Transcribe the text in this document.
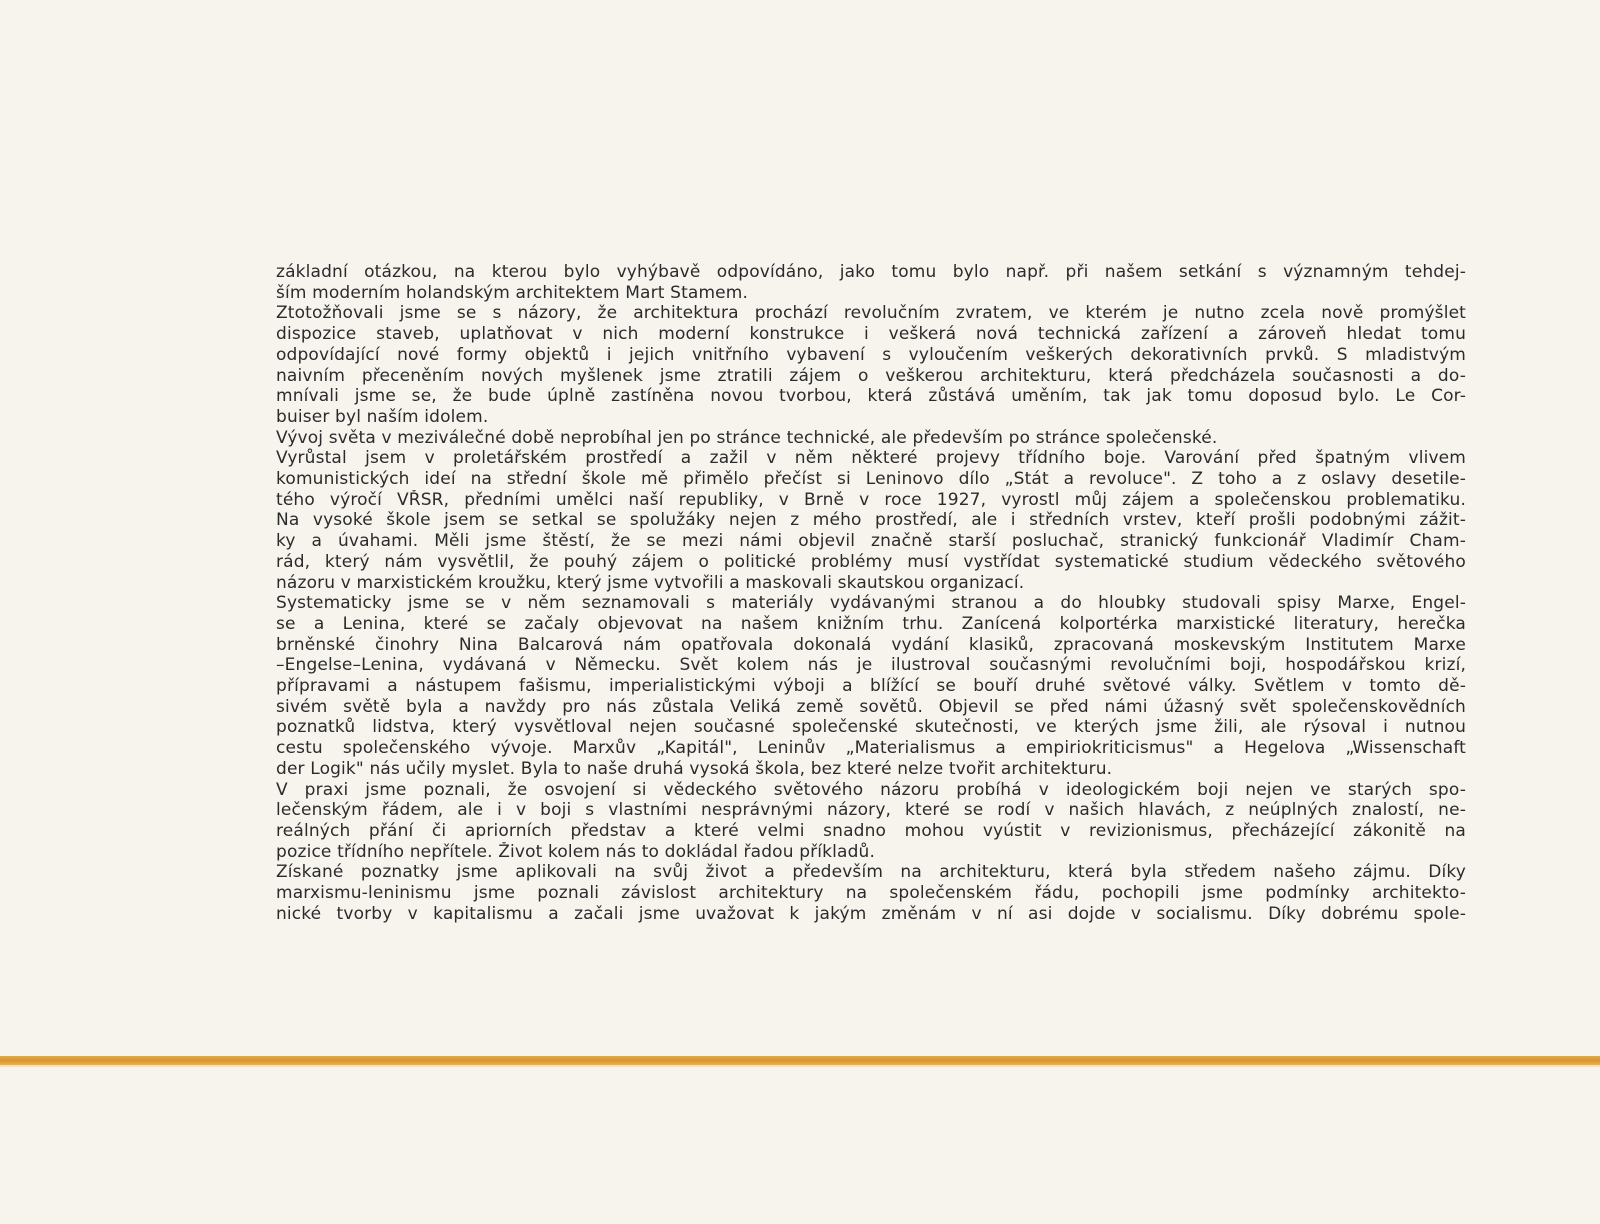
základní otázkou, na kterou bylo vyhýbavě odpovídáno, jako tomu bylo např. při našem setkání s významným tehdej-
ším moderním holandským architektem Mart Stamem.
Ztotožňovali jsme se s názory, že architektura prochází revolučním zvratem, ve kterém je nutno zcela nově promýšlet
dispozice staveb, uplatňovat v nich moderní konstrukce i veškerá nová technická zařízení a zároveň hledat tomu
odpovídající nové formy objektů i jejich vnitřního vybavení s vyloučením veškerých dekorativních prvků. S mladistvým
naivním přeceněním nových myšlenek jsme ztratili zájem o veškerou architekturu, která předcházela současnosti a do-
mnívali jsme se, že bude úplně zastíněna novou tvorbou, která zůstává uměním, tak jak tomu doposud bylo. Le Cor-
buiser byl naším idolem.
Vývoj světa v meziválečné době neprobíhal jen po stránce technické, ale především po stránce společenské.
Vyrůstal jsem v proletářském prostředí a zažil v něm některé projevy třídního boje. Varování před špatným vlivem
komunistických ideí na střední škole mě přimělo přečíst si Leninovo dílo „Stát a revoluce". Z toho a z oslavy desetile-
tého výročí VŘSR, předními umělci naší republiky, v Brně v roce 1927, vyrostl můj zájem a společenskou problematiku.
Na vysoké škole jsem se setkal se spolužáky nejen z mého prostředí, ale i středních vrstev, kteří prošli podobnými zážit-
ky a úvahami. Měli jsme štěstí, že se mezi námi objevil značně starší posluchač, stranický funkcionář Vladimír Cham-
rád, který nám vysvětlil, že pouhý zájem o politické problémy musí vystřídat systematické studium vědeckého světového
názoru v marxistickém kroužku, který jsme vytvořili a maskovali skautskou organizací.
Systematicky jsme se v něm seznamovali s materiály vydávanými stranou a do hloubky studovali spisy Marxe, Engel-
se a Lenina, které se začaly objevovat na našem knižním trhu. Zanícená kolportérka marxistické literatury, herečka
brněnské činohry Nina Balcarová nám opatřovala dokonalá vydání klasiků, zpracovaná moskevským Institutem Marxe
–Engelse–Lenina, vydávaná v Německu. Svět kolem nás je ilustroval současnými revolučními boji, hospodářskou krizí,
přípravami a nástupem fašismu, imperialistickými výboji a blížící se bouří druhé světové války. Světlem v tomto dě-
sivém světě byla a navždy pro nás zůstala Veliká země sovětů. Objevil se před námi úžasný svět společenskovědních
poznatků lidstva, který vysvětloval nejen současné společenské skutečnosti, ve kterých jsme žili, ale rýsoval i nutnou
cestu společenského vývoje. Marxův „Kapitál", Leninův „Materialismus a empiriokriticismus" a Hegelova „Wissenschaft
der Logik" nás učily myslet. Byla to naše druhá vysoká škola, bez které nelze tvořit architekturu.
V praxi jsme poznali, že osvojení si vědeckého světového názoru probíhá v ideologickém boji nejen ve starých spo-
lečenským řádem, ale i v boji s vlastními nesprávnými názory, které se rodí v našich hlavách, z neúplných znalostí, ne-
reálných přání či apriorních představ a které velmi snadno mohou vyústit v revizionismus, přecházející zákonitě na
pozice třídního nepřítele. Život kolem nás to dokládal řadou příkladů.
Získané poznatky jsme aplikovali na svůj život a především na architekturu, která byla středem našeho zájmu. Díky
marxismu-leninismu jsme poznali závislost architektury na společenském řádu, pochopili jsme podmínky architekto-
nické tvorby v kapitalismu a začali jsme uvažovat k jakým změnám v ní asi dojde v socialismu. Díky dobrému spole-
